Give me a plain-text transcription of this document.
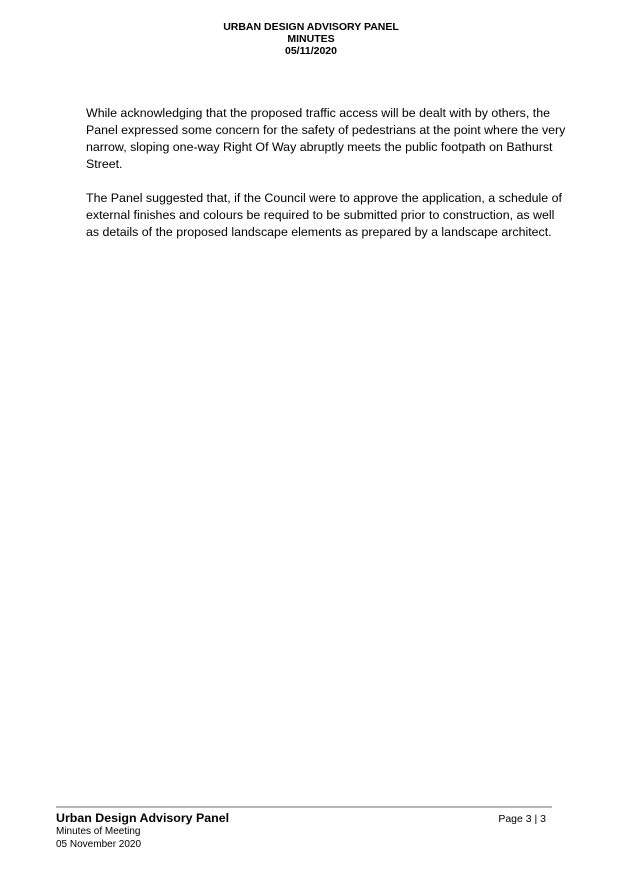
URBAN DESIGN ADVISORY PANEL
MINUTES
05/11/2020

While acknowledging that the proposed traffic access will be dealt with by others, the Panel expressed some concern for the safety of pedestrians at the point where the very narrow, sloping one-way Right Of Way abruptly meets the public footpath on Bathurst Street.

The Panel suggested that, if the Council were to approve the application, a schedule of external finishes and colours be required to be submitted prior to construction, as well as details of the proposed landscape elements as prepared by a landscape architect.

Urban Design Advisory Panel
Minutes of Meeting
05 November 2020
Page 3 | 3
